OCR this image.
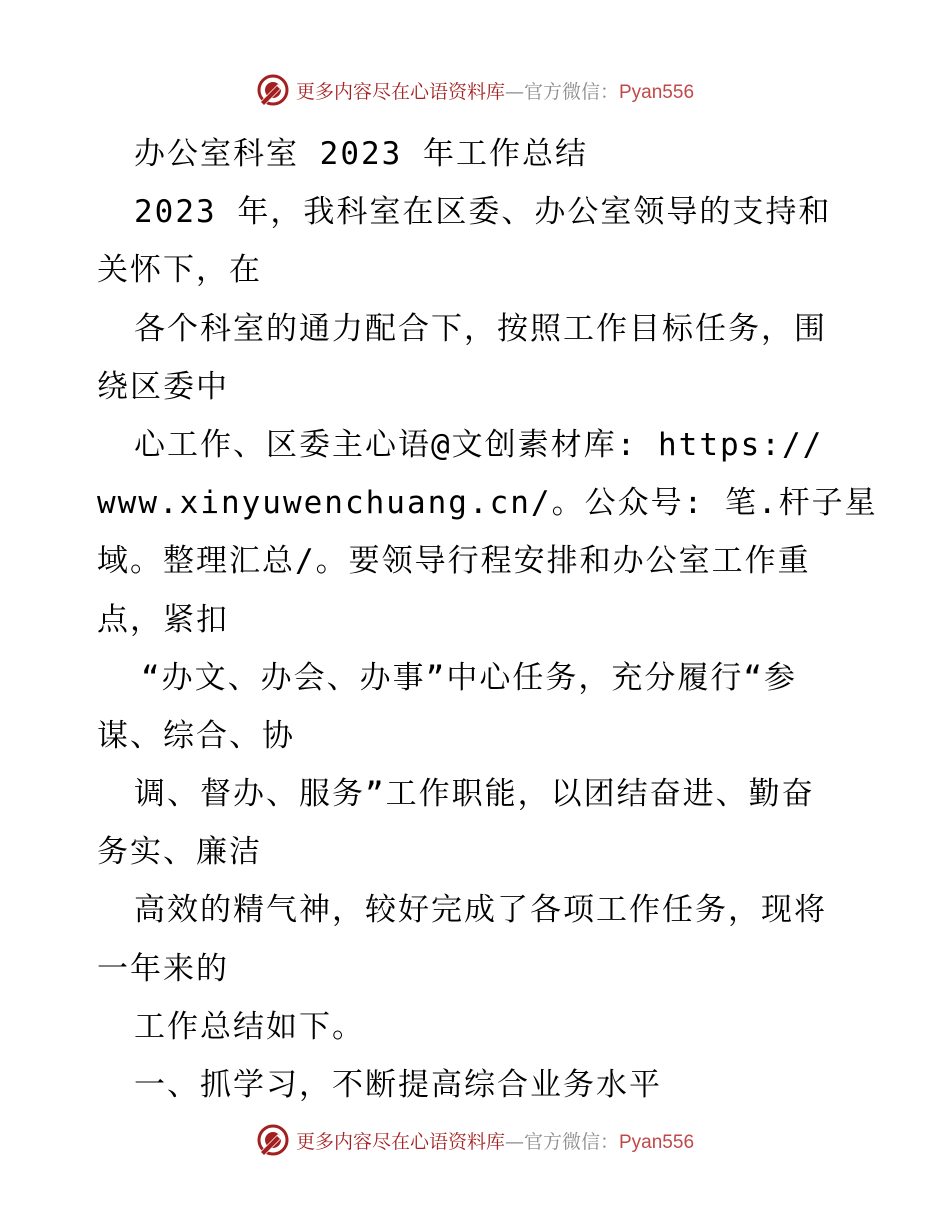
更多内容尽在心语资料库—官方微信：Pyan556
办公室科室 2023 年工作总结
2023 年，我科室在区委、办公室领导的支持和
关怀下，在
各个科室的通力配合下，按照工作目标任务，围
绕区委中
心工作、区委主心语@文创素材库: https://
www.xinyuwenchuang.cn/。公众号: 笔.杆子星
域。整理汇总/。要领导行程安排和办公室工作重
点，紧扣
“办文、办会、办事”中心任务，充分履行“参
谋、综合、协
调、督办、服务”工作职能，以团结奋进、勤奋
务实、廉洁
高效的精气神，较好完成了各项工作任务，现将
一年来的
工作总结如下。
一、抓学习，不断提高综合业务水平
更多内容尽在心语资料库—官方微信：Pyan556
